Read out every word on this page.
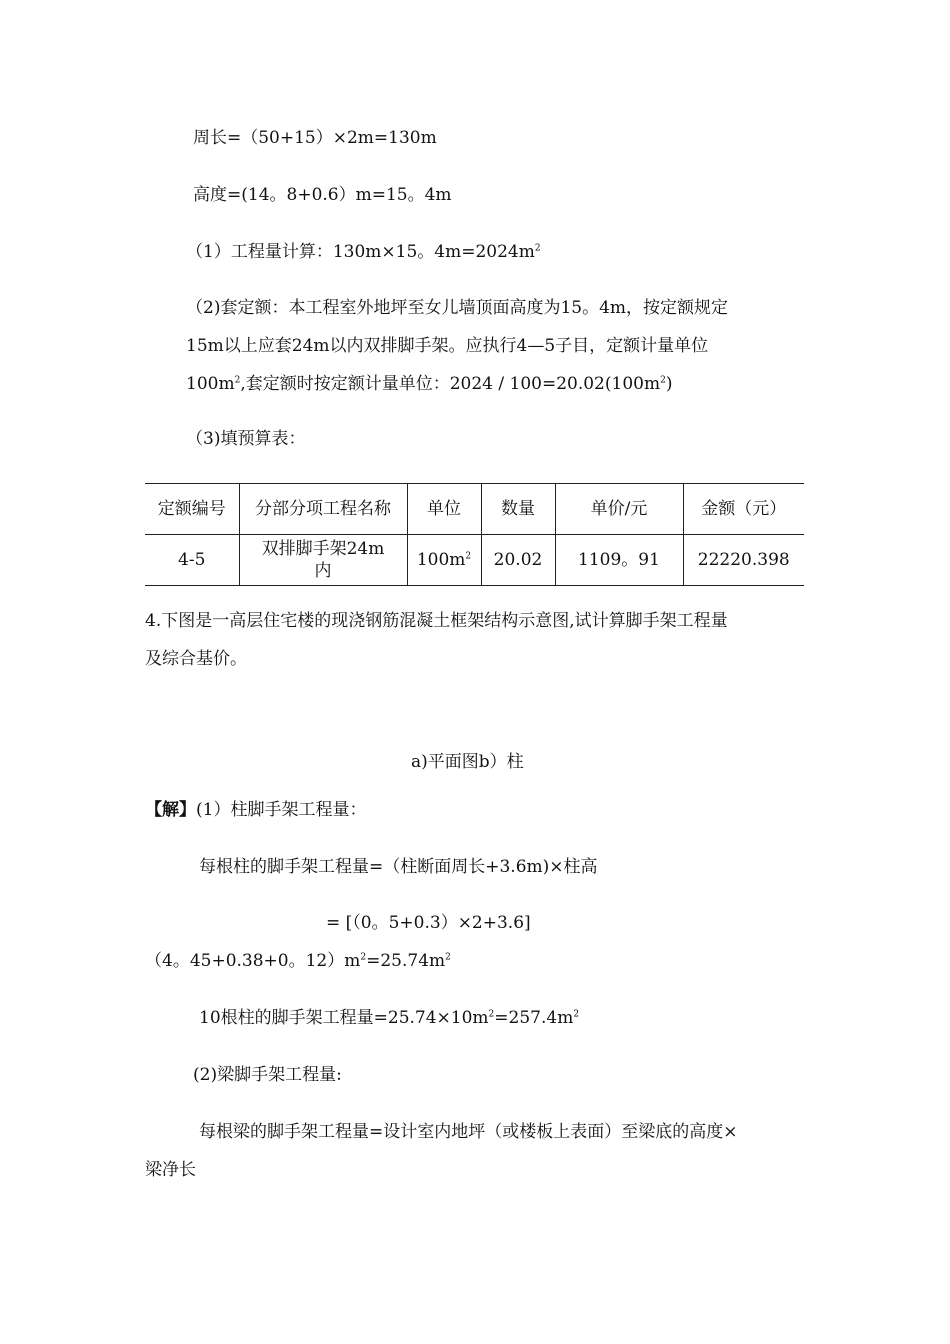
周长=（50+15）×2m=130m
高度=(14。8+0.6）m=15。4m
（1）工程量计算：130m×15。$4m=2024m^2$
（2)套定额：本工程室外地坪至女儿墙顶面高度为15。4m，按定额规定
15m以上应套24m以内双排脚手架。应执行4—5子目，定额计量单位
$100m^2$,套定额时按定额计量单位：$2024 / 100=20.02(100m^2)$
（3)填预算表：
定额编号	分部分项工程名称	单位	数量	单价/元	金额（元）
4-5	双排脚手架24m内	$100m^2$	20.02	1109。91	22220.398
4.下图是一高层住宅楼的现浇钢筋混凝土框架结构示意图,试计算脚手架工程量
及综合基价。
a)平面图b）柱
【解】(1）柱脚手架工程量：
每根柱的脚手架工程量=（柱断面周长+3.6m)×柱高
= [（0。5+0.3）×2+3.6]
（4。45+0.38+0。$12)m^2=25.74m^2$
10根柱的脚手架工程量$=25.74\times 10m^2=257.4m^2$
(2)梁脚手架工程量:
每根梁的脚手架工程量=设计室内地坪（或楼板上表面）至梁底的高度×
梁净长
